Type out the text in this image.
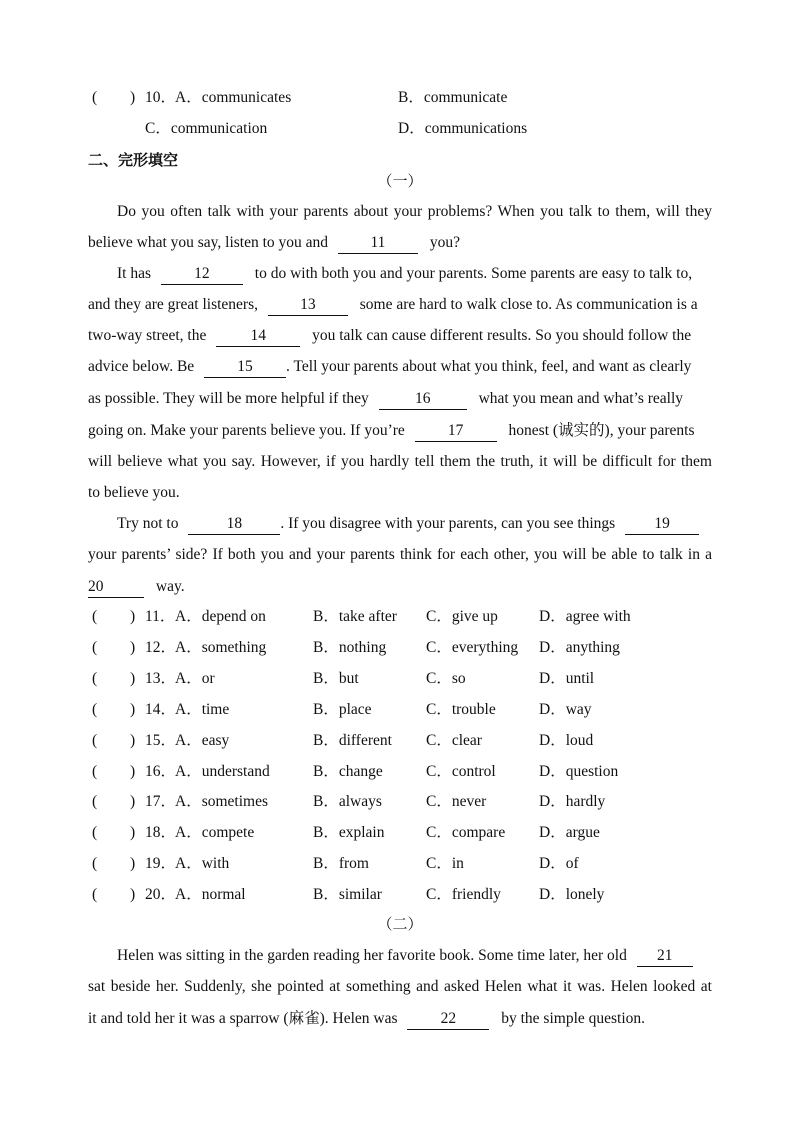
( ) 10．
A．communicates	B．communicate
C．communication	D．communications
二、完形填空
（一）
Do you often talk with your parents about your problems? When you talk to them, will they
believe what you say, listen to you and	11	you?
It has	12	to do with both you and your parents. Some parents are easy to talk to,
and they are great listeners,	13	some are hard to walk close to. As communication is a
two-way street, the	14	you talk can cause different results. So you should follow the
advice below. Be	15 . Tell your parents about what you think, feel, and want as clearly
as possible. They will be more helpful if they	16	what you mean and what’s really
going on. Make your parents believe you. If you’re	17	honest (诚实的), your parents
will believe what you say. However, if you hardly tell them the truth, it will be difficult for them
to believe you.
Try not to	18 . If you disagree with your parents, can you see things	19
your parents’ side? If both you and your parents think for each other, you will be able to talk in a
20	way.
( ) 11． A．depend on	B．take after C．give up	D．agree with
( ) 12．
A．something	B．nothing	C．everything D．anything
( ) 13．
A．or	B．but	C．so	D．until
( ) 14．
A．time	B．place	C．trouble	D．way
( ) 15．
A．easy	B．different C．clear	D．loud
( ) 16．
A．understand	B．change	C．control	D．question
( ) 17．
A．sometimes	B．always	C．never	D．hardly
( ) 18．
A．compete	B．explain	C．compare D．argue
( ) 19．
A．with	B．from	C．in	D．of
( ) 20．
A．normal	B．similar	C．friendly D．lonely
（二）
Helen was sitting in the garden reading her favorite book. Some time later, her old 21
sat beside her. Suddenly, she pointed at something and asked Helen what it was. Helen looked at
it and told her it was a sparrow (麻雀). Helen was	22	by the simple question.
